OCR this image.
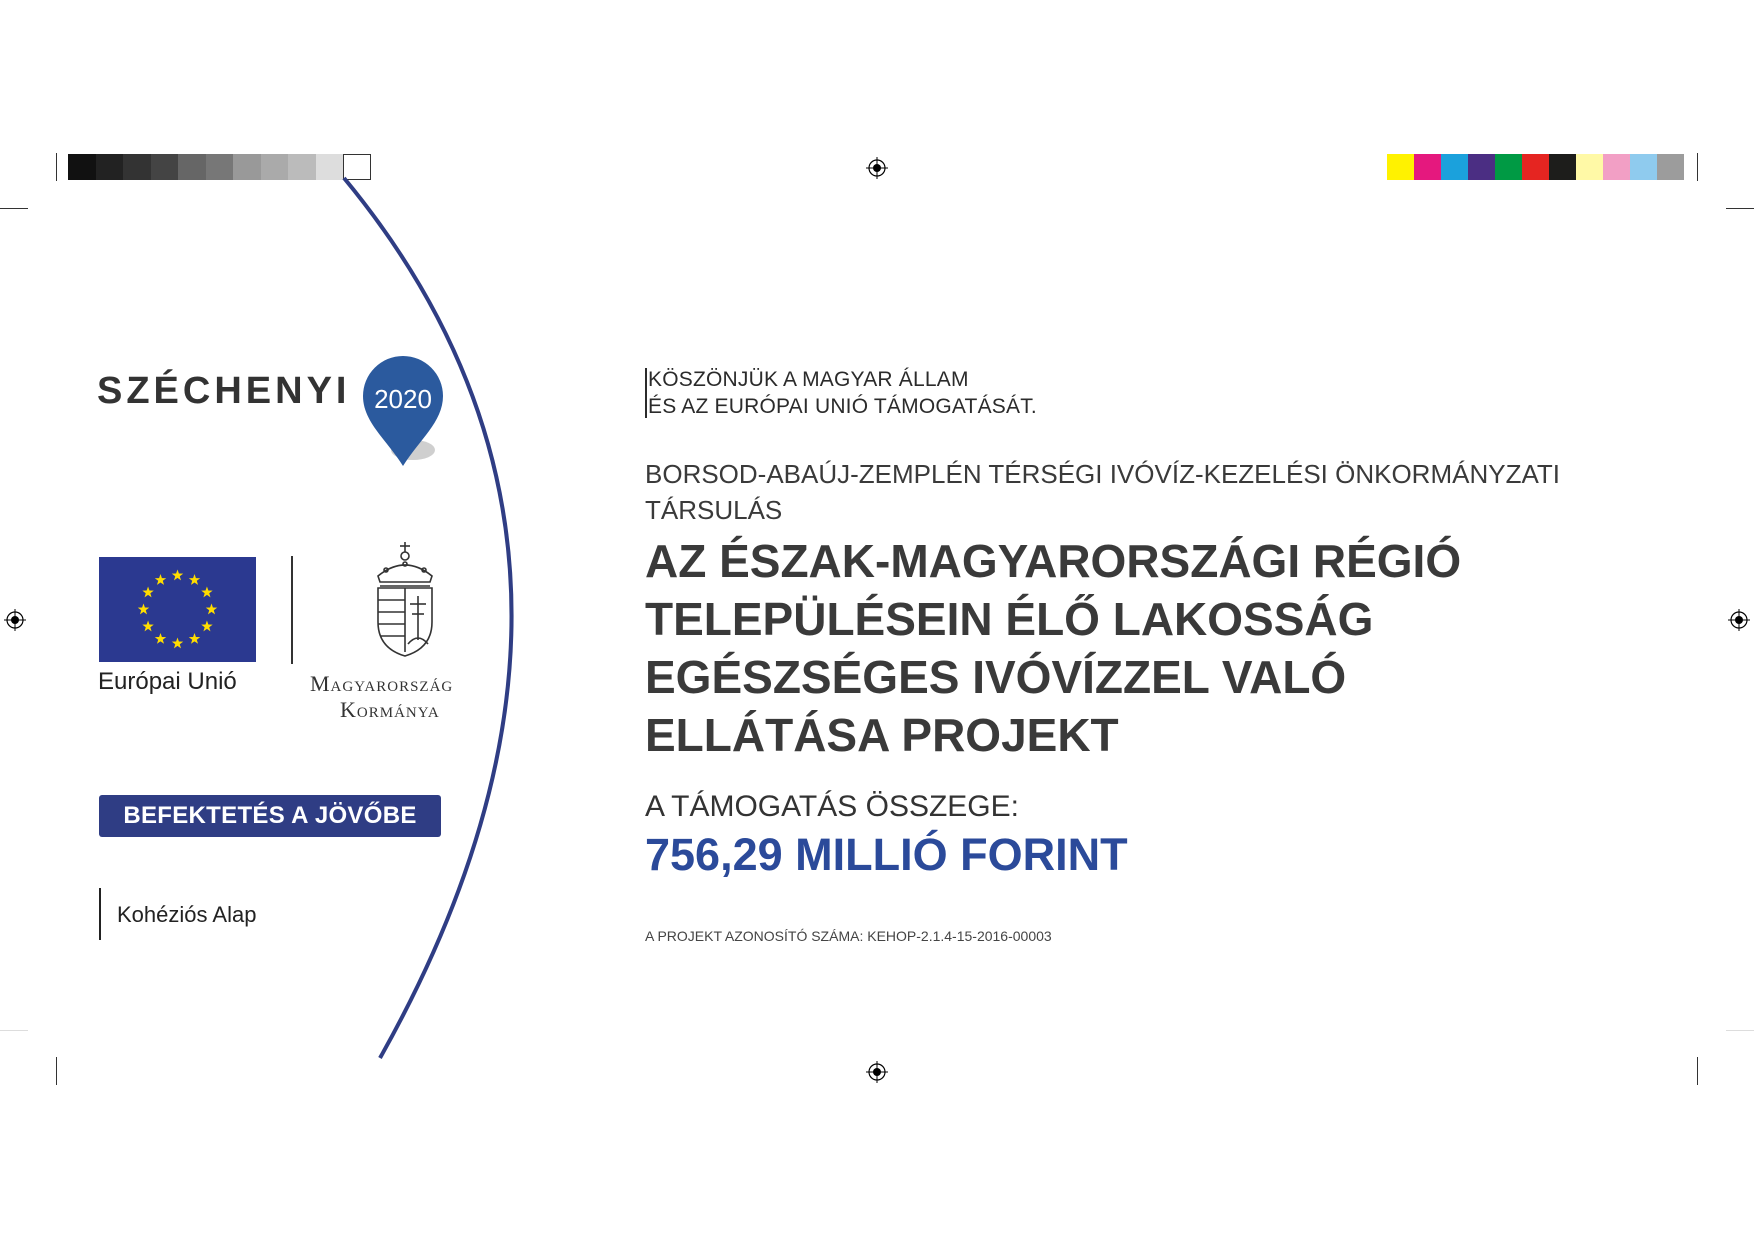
SZÉCHENYI 2020
Európai Unió	Magyarország
Kormánya
BEFEKTETÉS A JÖVŐBE
Kohéziós Alap
KÖSZÖNJÜK A MAGYAR ÁLLAM
ÉS AZ EURÓPAI UNIÓ TÁMOGATÁSÁT.
BORSOD-ABAÚJ-ZEMPLÉN TÉRSÉGI IVÓVÍZ-KEZELÉSI ÖNKORMÁNYZATI
TÁRSULÁS
AZ ÉSZAK-MAGYARORSZÁGI RÉGIÓ
TELEPÜLÉSEIN ÉLŐ LAKOSSÁG
EGÉSZSÉGES IVÓVÍZZEL VALÓ
ELLÁTÁSA PROJEKT
A TÁMOGATÁS ÖSSZEGE:
756,29 MILLIÓ FORINT
A PROJEKT AZONOSÍTÓ SZÁMA: KEHOP-2.1.4-15-2016-00003
